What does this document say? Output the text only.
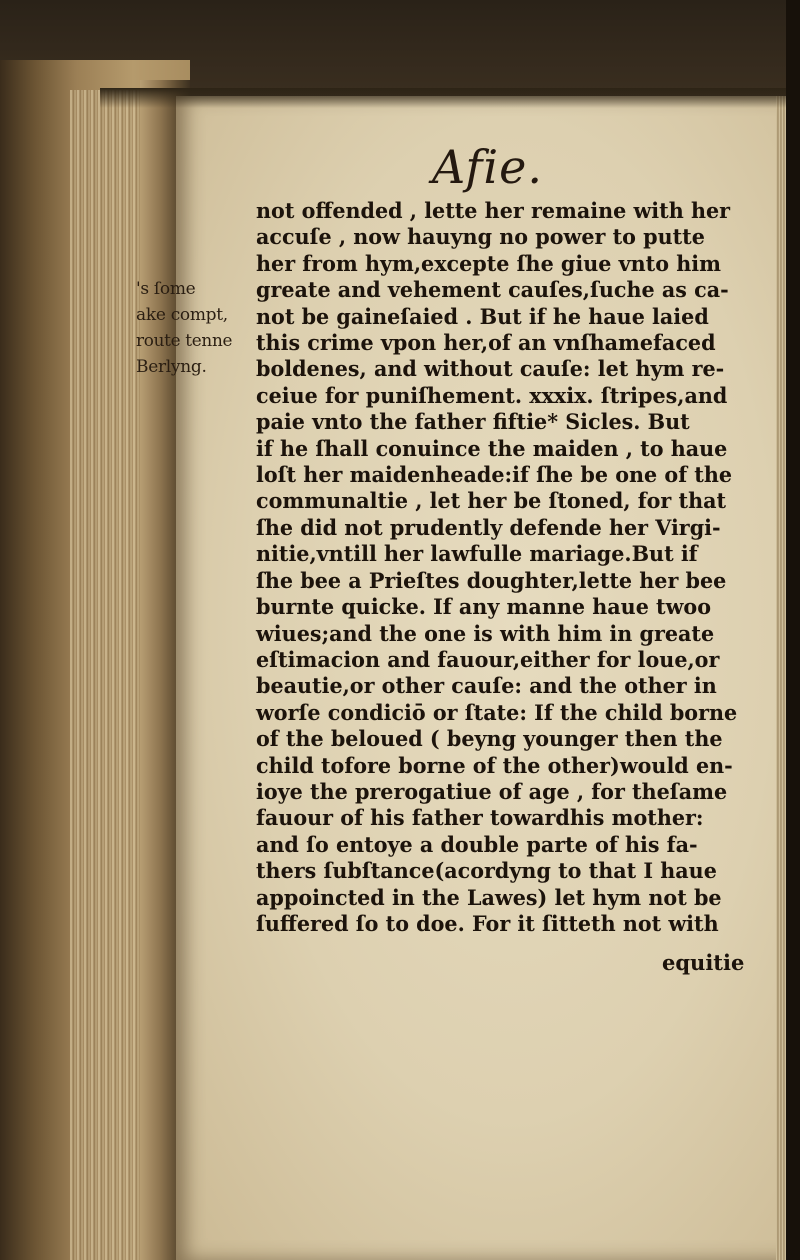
's ſome
ake compt,
route tenne
Berlyng.
Afie.
not offended , lette her remaine with her
accuſe , now hauyng no power to putte
her from hym,excepte ſhe giue vnto him
greate and vehement cauſes,ſuche as ca-
not be gaineſaied . But if he haue laied
this crime vpon her,of an vnſhamefaced
boldenes, and without cauſe: let hym re-
ceiue for puniſhement. xxxix. ſtripes,and
paie vnto the father fiftie* Sicles. But
if he ſhall conuince the maiden , to haue
loſt her maidenheade:if ſhe be one of the
communaltie , let her be ſtoned, for that
ſhe did not prudently defende her Virgi-
nitie,vntill her lawfulle mariage.But if
ſhe bee a Prieſtes doughter,lette her bee
burnte quicke. If any manne haue twoo
wiues;and the one is with him in greate
eſtimacion and fauour,either for loue,or
beautie,or other cauſe: and the other in
worſe condiciō or ſtate: If the child borne
of the beloued ( beyng younger then the
child tofore borne of the other)would en-
ioye the prerogatiue of age , for theſame
fauour of his father towardhis mother:
and ſo entoye a double parte of his fa-
thers ſubſtance(acordyng to that I haue
appoincted in the Lawes) let hym not be
ſuffered ſo to doe. For it ſitteth not with
equitie
